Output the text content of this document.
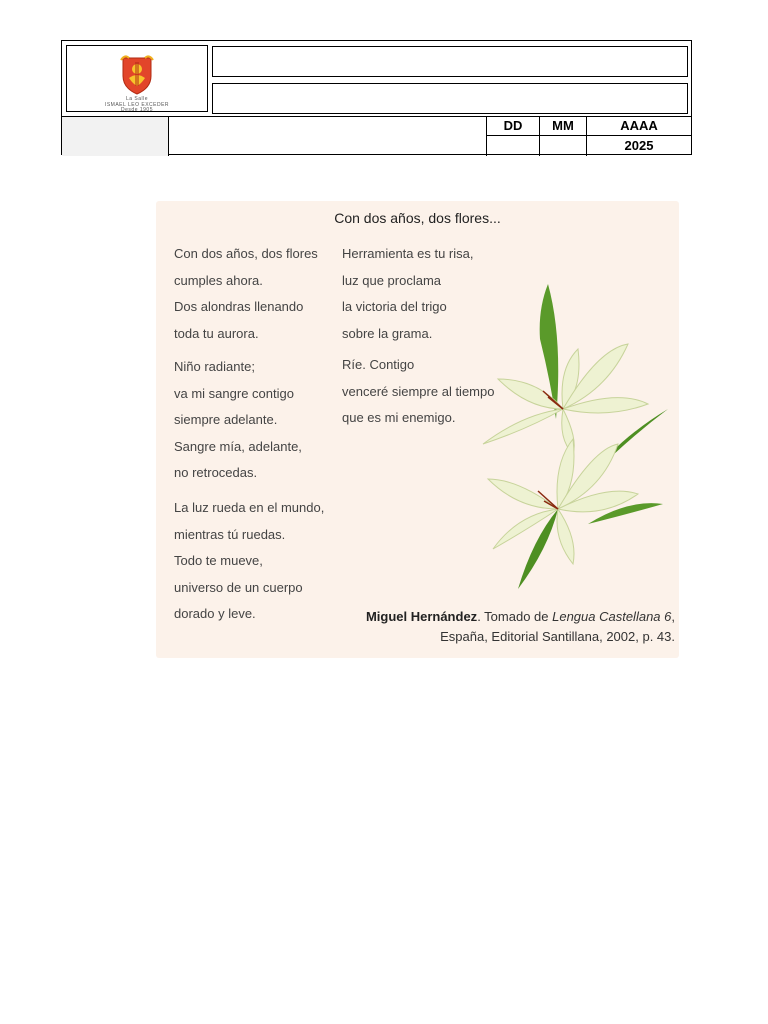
La Salle
ISMAEL LEO EXCEDER
Desde 1905
DD	MM	AAAA
2025
Con dos años, dos flores...
Con dos años, dos flores
cumples ahora.
Dos alondras llenando
toda tu aurora.
Niño radiante;
va mi sangre contigo
siempre adelante.
Sangre mía, adelante,
no retrocedas.
La luz rueda en el mundo,
mientras tú ruedas.
Todo te mueve,
universo de un cuerpo
dorado y leve.
Herramienta es tu risa,
luz que proclama
la victoria del trigo
sobre la grama.
Ríe. Contigo
venceré siempre al tiempo
que es mi enemigo.
Miguel Hernández. Tomado de Lengua Castellana 6,
España, Editorial Santillana, 2002, p. 43.
